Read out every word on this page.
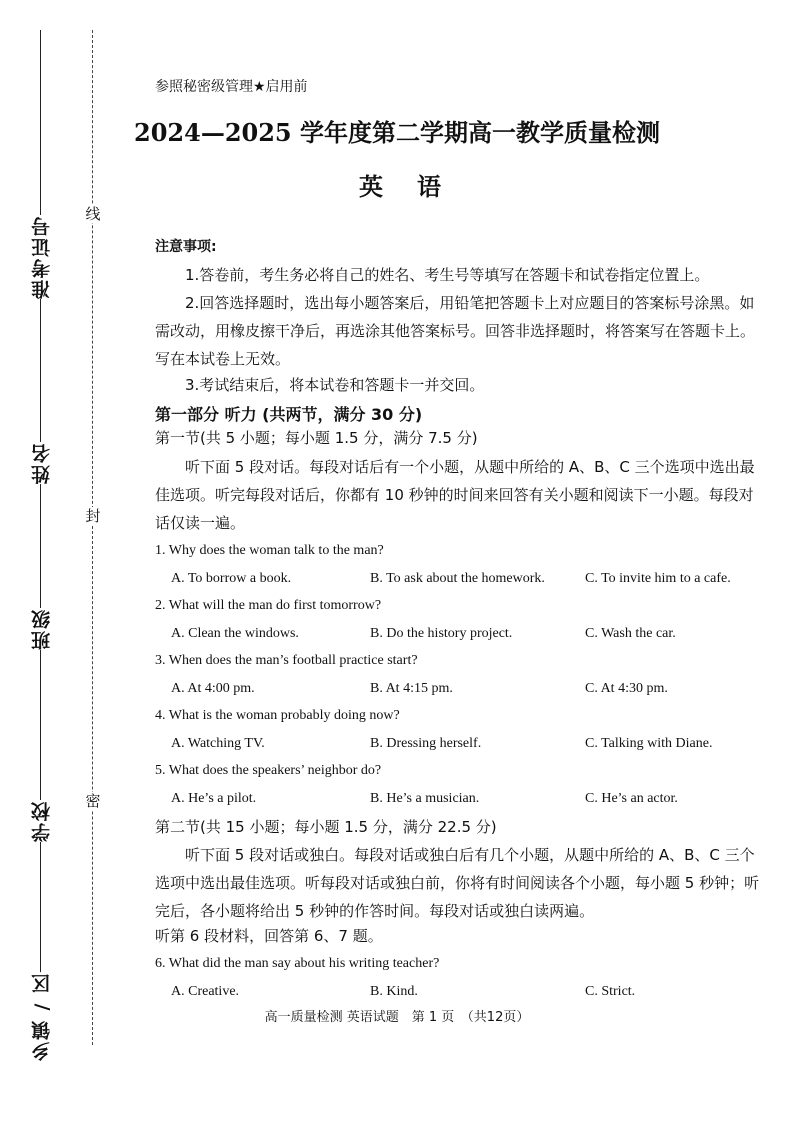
准考证号
姓名
班级
学校
乡镇 / 区
线
封
密
参照秘密级管理★启用前
2024—2025 学年度第二学期高一教学质量检测
英语
注意事项:
1.答卷前，考生务必将自己的姓名、考生号等填写在答题卡和试卷指定位置上。
2.回答选择题时，选出每小题答案后，用铅笔把答题卡上对应题目的答案标号涂黑。如需改动，用橡皮擦干净后，再选涂其他答案标号。回答非选择题时，将答案写在答题卡上。写在本试卷上无效。
3.考试结束后，将本试卷和答题卡一并交回。
第一部分 听力 (共两节，满分 30 分)
第一节(共 5 小题；每小题 1.5 分，满分 7.5 分)
听下面 5 段对话。每段对话后有一个小题，从题中所给的 A、B、C 三个选项中选出最佳选项。听完每段对话后，你都有 10 秒钟的时间来回答有关小题和阅读下一小题。每段对话仅读一遍。
1. Why does the woman talk to the man?
A. To borrow a book.	B. To ask about the homework.	C. To invite him to a cafe.
2. What will the man do first tomorrow?
A. Clean the windows.	B. Do the history project.	C. Wash the car.
3. When does the man’s football practice start?
A. At 4:00 pm.	B. At 4:15 pm.	C. At 4:30 pm.
4. What is the woman probably doing now?
A. Watching TV.	B. Dressing herself.	C. Talking with Diane.
5. What does the speakers’ neighbor do?
A. He’s a pilot.	B. He’s a musician.	C. He’s an actor.
第二节(共 15 小题；每小题 1.5 分，满分 22.5 分)
听下面 5 段对话或独白。每段对话或独白后有几个小题，从题中所给的 A、B、C 三个选项中选出最佳选项。听每段对话或独白前，你将有时间阅读各个小题，每小题 5 秒钟；听完后，各小题将给出 5 秒钟的作答时间。每段对话或独白读两遍。
听第 6 段材料，回答第 6、7 题。
6. What did the man say about his writing teacher?
A. Creative.	B. Kind.	C. Strict.
高一质量检测 英语试题　第 1 页　（共12页）
